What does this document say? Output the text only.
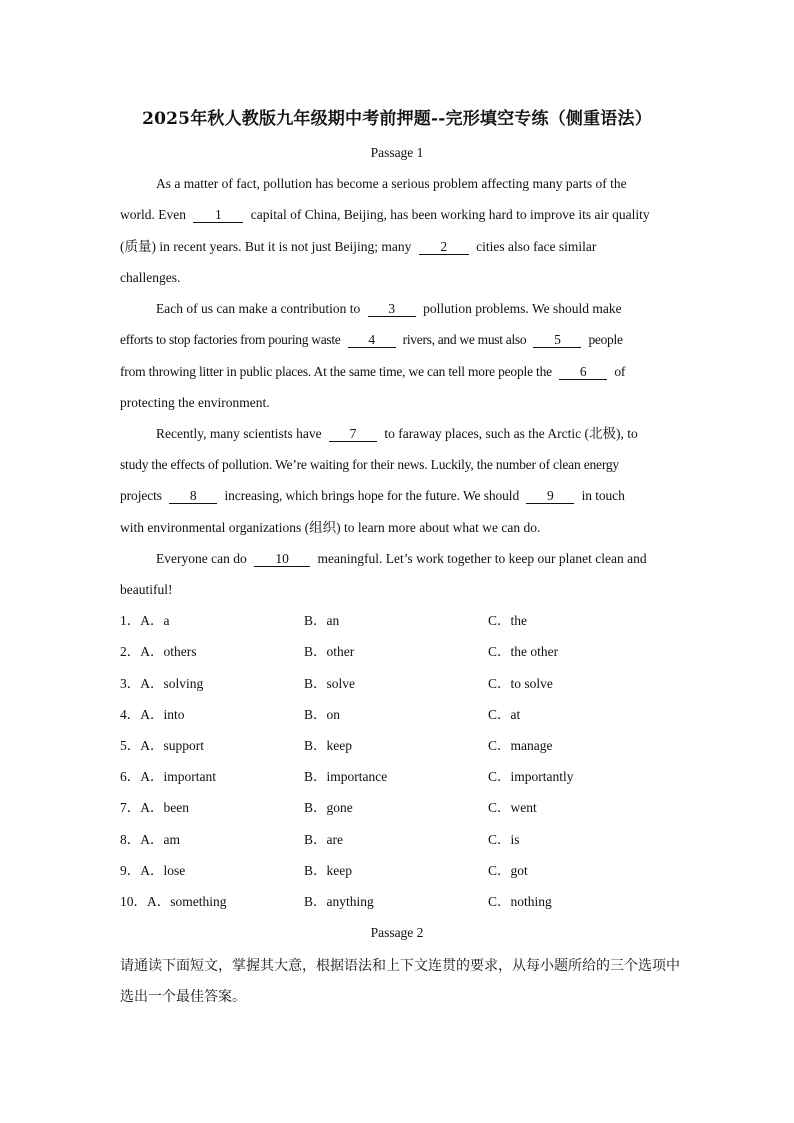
2025年秋人教版九年级期中考前押题--完形填空专练（侧重语法）
Passage 1
As a matter of fact, pollution has become a serious problem affecting many parts of the
world. Even 1 capital of China, Beijing, has been working hard to improve its air quality
(质量) in recent years. But it is not just Beijing; many 2 cities also face similar
challenges.
Each of us can make a contribution to 3 pollution problems. We should make
efforts to stop factories from pouring waste 4 rivers, and we must also 5 people
from throwing litter in public places. At the same time, we can tell more people the 6 of
protecting the environment.
Recently, many scientists have 7 to faraway places, such as the Arctic (北极), to
study the effects of pollution. We’re waiting for their news. Luckily, the number of clean energy
projects 8 increasing, which brings hope for the future. We should 9 in touch
with environmental organizations (组织) to learn more about what we can do.
Everyone can do 10 meaningful. Let’s work together to keep our planet clean and
beautiful!
1．A．a	B．an	C．the
2．A．others	B．other	C．the other
3．A．solving	B．solve	C．to solve
4．A．into	B．on	C．at
5．A．support	B．keep	C．manage
6．A．important	B．importance	C．importantly
7．A．been	B．gone	C．went
8．A．am	B．are	C．is
9．A．lose	B．keep	C．got
10．A．something	B．anything	C．nothing
Passage 2
请通读下面短文，掌握其大意，根据语法和上下文连贯的要求，从每小题所给的三个选项中
选出一个最佳答案。
